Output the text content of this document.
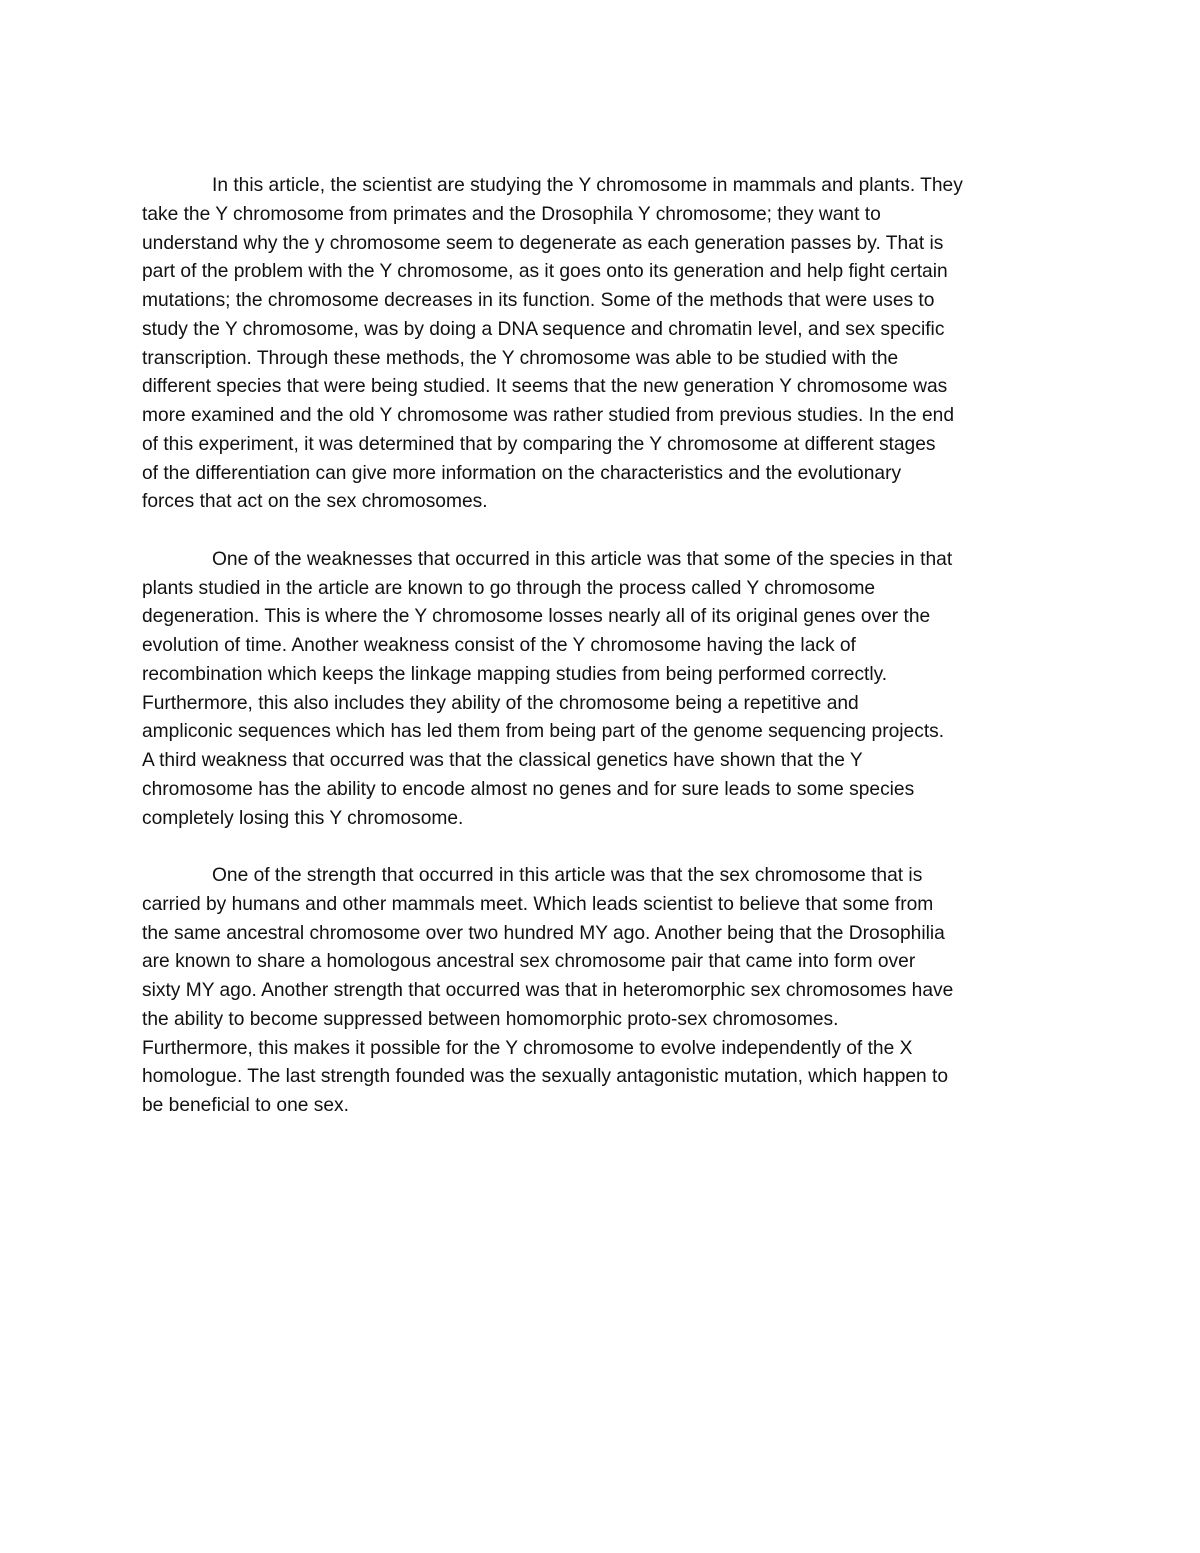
In this article, the scientist are studying the Y chromosome in mammals and plants. They
take the Y chromosome from primates and the Drosophila Y chromosome; they want to
understand why the y chromosome seem to degenerate as each generation passes by. That is
part of the problem with the Y chromosome, as it goes onto its generation and help fight certain
mutations; the chromosome decreases in its function. Some of the methods that were uses to
study the Y chromosome, was by doing a DNA sequence and chromatin level, and sex specific
transcription. Through these methods, the Y chromosome was able to be studied with the
different species that were being studied. It seems that the new generation Y chromosome was
more examined and the old Y chromosome was rather studied from previous studies. In the end
of this experiment, it was determined that by comparing the Y chromosome at different stages
of the differentiation can give more information on the characteristics and the evolutionary
forces that act on the sex chromosomes.

One of the weaknesses that occurred in this article was that some of the species in that
plants studied in the article are known to go through the process called Y chromosome
degeneration. This is where the Y chromosome losses nearly all of its original genes over the
evolution of time. Another weakness consist of the Y chromosome having the lack of
recombination which keeps the linkage mapping studies from being performed correctly.
Furthermore, this also includes they ability of the chromosome being a repetitive and
ampliconic sequences which has led them from being part of the genome sequencing projects.
A third weakness that occurred was that the classical genetics have shown that the Y
chromosome has the ability to encode almost no genes and for sure leads to some species
completely losing this Y chromosome.

One of the strength that occurred in this article was that the sex chromosome that is
carried by humans and other mammals meet. Which leads scientist to believe that some from
the same ancestral chromosome over two hundred MY ago. Another being that the Drosophilia
are known to share a homologous ancestral sex chromosome pair that came into form over
sixty MY ago. Another strength that occurred was that in heteromorphic sex chromosomes have
the ability to become suppressed between homomorphic proto-sex chromosomes.
Furthermore, this makes it possible for the Y chromosome to evolve independently of the X
homologue. The last strength founded was the sexually antagonistic mutation, which happen to
be beneficial to one sex.
